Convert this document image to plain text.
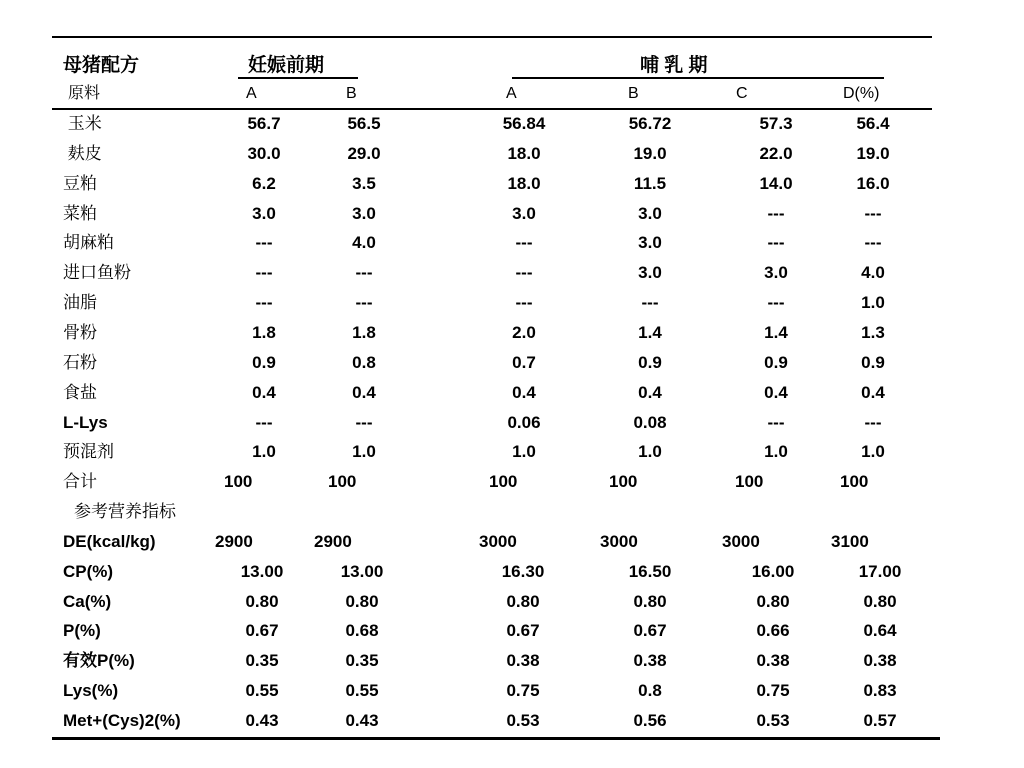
母猪配方	妊娠前期	哺 乳 期
原料	A	B	A	B	C	D(%)
玉米	56.7	56.5	56.84	56.72	57.3	56.4
麸皮	30.0	29.0	18.0	19.0	22.0	19.0
豆粕	6.2	3.5	18.0	11.5	14.0	16.0
菜粕	3.0	3.0	3.0	3.0	---	---
胡麻粕	---	4.0	---	3.0	---	---
进口鱼粉	---	---	---	3.0	3.0	4.0
油脂	---	---	---	---	---	1.0
骨粉	1.8	1.8	2.0	1.4	1.4	1.3
石粉	0.9	0.8	0.7	0.9	0.9	0.9
食盐	0.4	0.4	0.4	0.4	0.4	0.4
L-Lys	---	---	0.06	0.08	---	---
预混剂	1.0	1.0	1.0	1.0	1.0	1.0
合计	100	100	100	100	100	100
参考营养指标
DE(kcal/kg)	2900	2900	3000	3000	3000	3100
CP(%)	13.00	13.00	16.30	16.50	16.00	17.00
Ca(%)	0.80	0.80	0.80	0.80	0.80	0.80
P(%)	0.67	0.68	0.67	0.67	0.66	0.64
有效P(%)	0.35	0.35	0.38	0.38	0.38	0.38
Lys(%)	0.55	0.55	0.75	0.8	0.75	0.83
Met+(Cys)2(%)	0.43	0.43	0.53	0.56	0.53	0.57
